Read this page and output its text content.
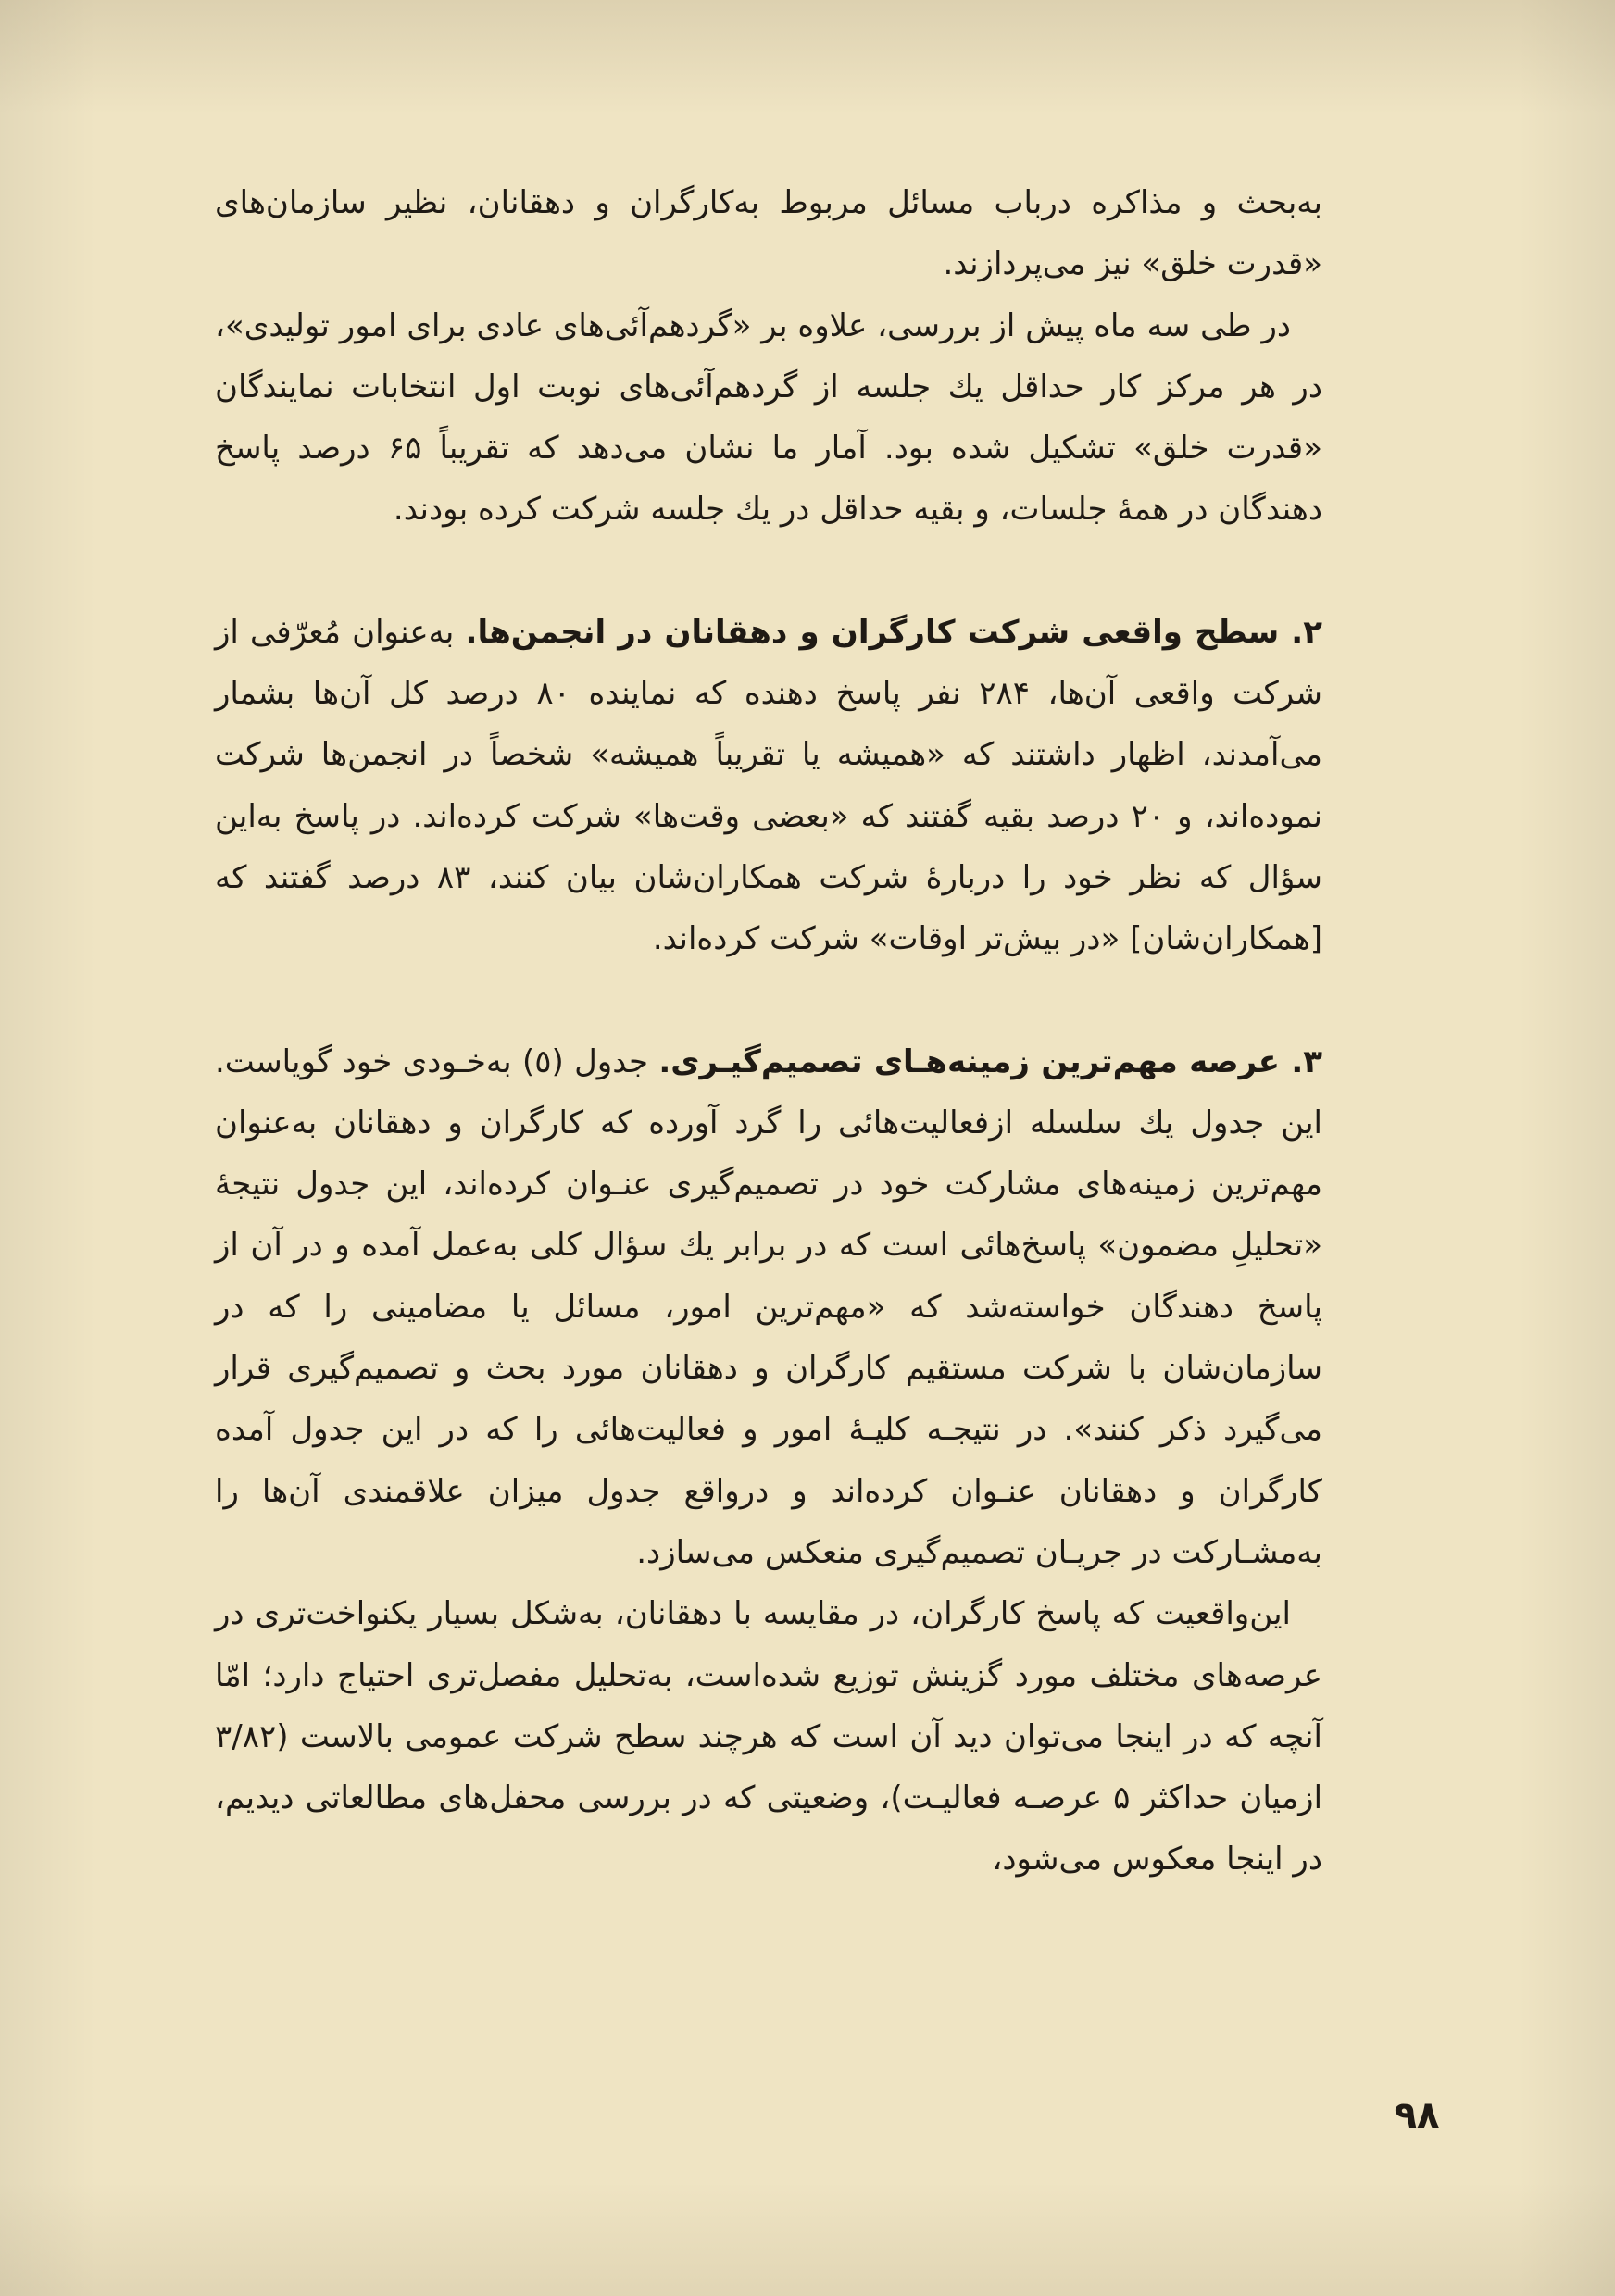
به‌بحث و مذاکره درباب مسائل مربوط به‌کارگران و دهقانان، نظیر سازمان‌های «قدرت خلق» نیز می‌پردازند.

در طی سه ماه پیش از بررسی، علاوه بر «گردهم‌آئی‌های عادی برای امور تولیدی»، در هر مرکز کار حداقل یك جلسه از گردهم‌آئی‌های نوبت اول انتخابات نمایندگان «قدرت خلق» تشکیل شده بود. آمار ما نشان می‌دهد که تقریباً ۶۵ درصد پاسخ دهندگان در همهٔ جلسات، و بقیه حداقل در یك جلسه شرکت کرده بودند.

۲. سطح واقعی شرکت کارگران و دهقانان در انجمن‌ها. به‌عنوان مُعرّفی از شرکت واقعی آن‌ها، ۲۸۴ نفر پاسخ دهنده که نماینده ۸۰ درصد کل آن‌ها بشمار می‌آمدند، اظهار داشتند که «همیشه یا تقریباً همیشه» شخصاً در انجمن‌ها شرکت نموده‌اند، و ۲۰ درصد بقیه گفتند که «بعضی وقت‌ها» شرکت کرده‌اند. در پاسخ به‌این سؤال که نظر خود را دربارهٔ شرکت همکاران‌شان بیان کنند، ۸۳ درصد گفتند که [همکاران‌شان] «در بیش‌تر اوقات» شرکت کرده‌اند.

۳. عرصه مهم‌ترین زمینه‌هـای تصمیم‌گیـری. جدول (٥) به‌خـودی خود گویاست. این جدول یك سلسله ازفعالیت‌هائی را گرد آورده که کارگران و دهقانان به‌عنوان مهم‌ترین زمینه‌های مشارکت خود در تصمیم‌گیری عنـوان کرده‌اند، این جدول نتیجهٔ «تحلیلِ مضمون» پاسخ‌هائی است که در برابر یك سؤال کلی به‌عمل آمده و در آن از پاسخ دهندگان خواسته‌شد که «مهم‌ترین امور، مسائل یا مضامینی را که در سازمان‌شان با شرکت مستقیم کارگران و دهقانان مورد بحث و تصمیم‌گیری قرار می‌گیرد ذکر کنند». در نتیجـه کلیـهٔ امور و فعالیت‌هائی را که در این جدول آمده کارگران و دهقانان عنـوان کرده‌اند و درواقع جدول میزان علاقمندی آن‌ها را به‌مشـارکت در جریـان تصمیم‌گیری منعکس می‌سازد.

این‌واقعیت که پاسخ کارگران، در مقایسه با دهقانان، به‌شکل بسیار یکنواخت‌تری در عرصه‌های مختلف مورد گزینش توزیع شده‌است، به‌تحلیل مفصل‌تری احتیاج دارد؛ امّا آنچه که در اینجا می‌توان دید آن است که هرچند سطح شرکت عمومی بالاست (۳/۸۲ ازمیان حداکثر ۵ عرصـه فعالیـت)، وضعیتی که در بررسی محفل‌های مطالعاتی دیدیم، در اینجا معکوس می‌شود،

۹۸
